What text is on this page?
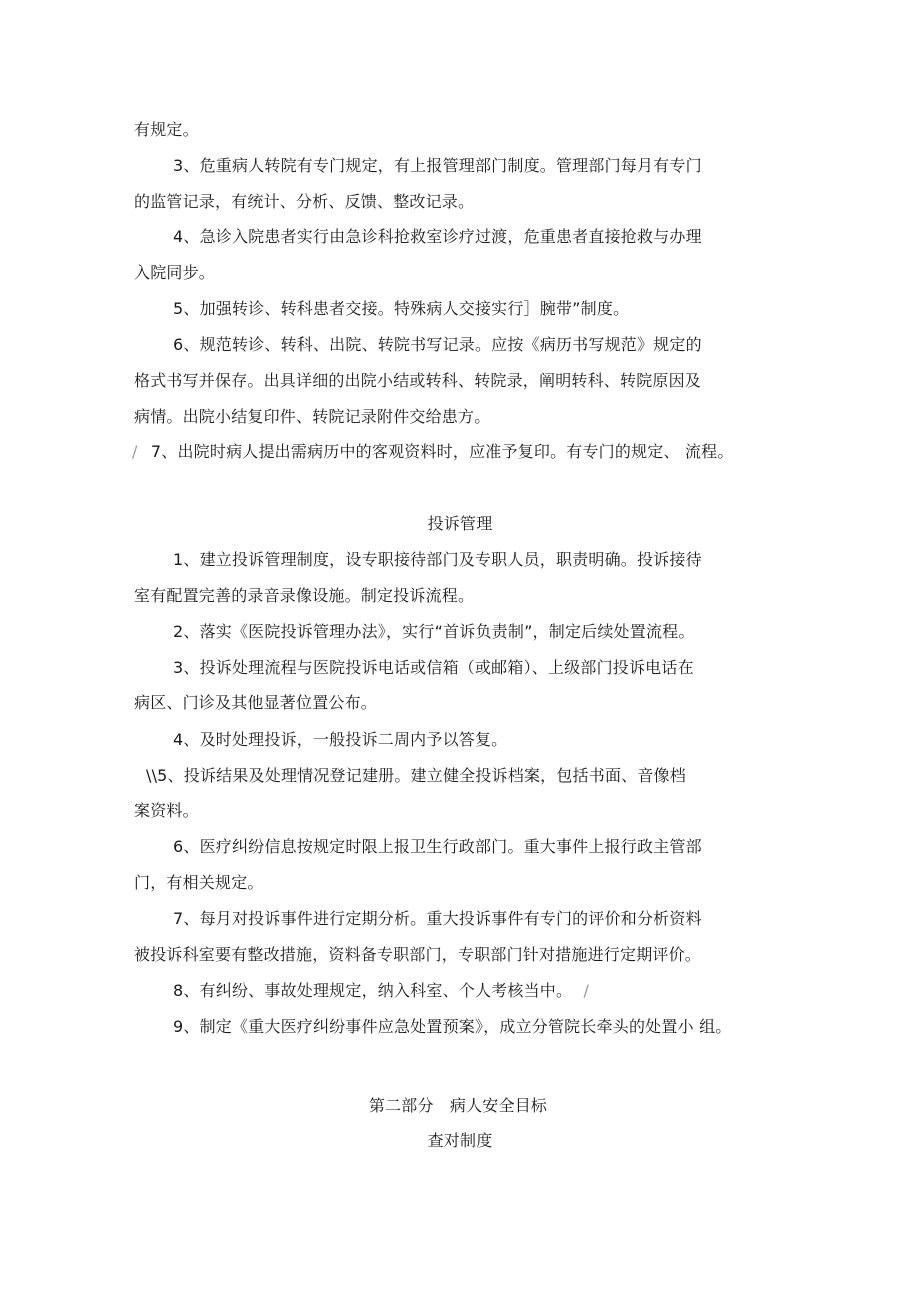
有规定。
3、危重病人转院有专门规定，有上报管理部门制度。管理部门每月有专门
的监管记录，有统计、分析、反馈、整改记录。
4、急诊入院患者实行由急诊科抢救室诊疗过渡，危重患者直接抢救与办理
入院同步。
5、加强转诊、转科患者交接。特殊病人交接实行］腕带”制度。
6、规范转诊、转科、出院、转院书写记录。应按《病历书写规范》规定的
格式书写并保存。出具详细的出院小结或转科、转院录，阐明转科、转院原因及
病情。出院小结复印件、转院记录附件交给患方。
/ 7、出院时病人提出需病历中的客观资料时，应准予复印。有专门的规定、 流程。
投诉管理
1、建立投诉管理制度，设专职接待部门及专职人员，职责明确。投诉接待
室有配置完善的录音录像设施。制定投诉流程。
2、落实《医院投诉管理办法》，实行“首诉负责制”，制定后续处置流程。
3、投诉处理流程与医院投诉电话或信箱（或邮箱）、上级部门投诉电话在
病区、门诊及其他显著位置公布。
4、及时处理投诉，一般投诉二周内予以答复。
\\5、投诉结果及处理情况登记建册。建立健全投诉档案，包括书面、音像档
案资料。
6、医疗纠纷信息按规定时限上报卫生行政部门。重大事件上报行政主管部
门，有相关规定。
7、每月对投诉事件进行定期分析。重大投诉事件有专门的评价和分析资料
被投诉科室要有整改措施，资料备专职部门，专职部门针对措施进行定期评价。
8、有纠纷、事故处理规定，纳入科室、个人考核当中。 /
9、制定《重大医疗纠纷事件应急处置预案》，成立分管院长牵头的处置小 组。
第二部分　病人安全目标
查对制度
